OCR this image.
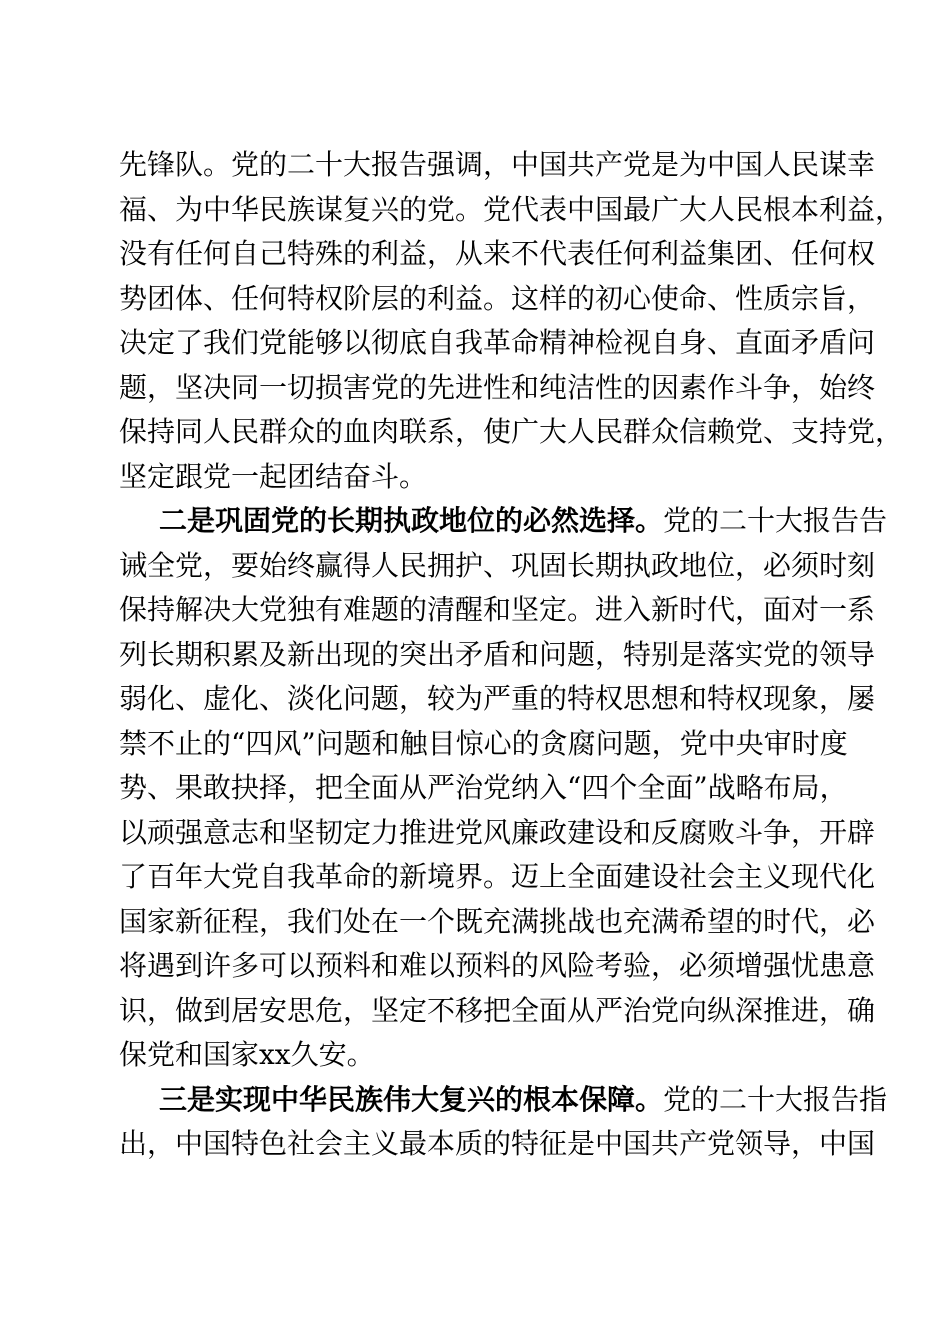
先锋队。党的二十大报告强调，中国共产党是为中国人民谋幸
福、为中华民族谋复兴的党。党代表中国最广大人民根本利益，
没有任何自己特殊的利益，从来不代表任何利益集团、任何权
势团体、任何特权阶层的利益。这样的初心使命、性质宗旨，
决定了我们党能够以彻底自我革命精神检视自身、直面矛盾问
题，坚决同一切损害党的先进性和纯洁性的因素作斗争，始终
保持同人民群众的血肉联系，使广大人民群众信赖党、支持党，
坚定跟党一起团结奋斗。
二是巩固党的长期执政地位的必然选择。党的二十大报告告
诫全党，要始终赢得人民拥护、巩固长期执政地位，必须时刻
保持解决大党独有难题的清醒和坚定。进入新时代，面对一系
列长期积累及新出现的突出矛盾和问题，特别是落实党的领导
弱化、虚化、淡化问题，较为严重的特权思想和特权现象，屡
禁不止的“四风”问题和触目惊心的贪腐问题，党中央审时度
势、果敢抉择，把全面从严治党纳入“四个全面”战略布局，
以顽强意志和坚韧定力推进党风廉政建设和反腐败斗争，开辟
了百年大党自我革命的新境界。迈上全面建设社会主义现代化
国家新征程，我们处在一个既充满挑战也充满希望的时代，必
将遇到许多可以预料和难以预料的风险考验，必须增强忧患意
识，做到居安思危，坚定不移把全面从严治党向纵深推进，确
保党和国家xx久安。
三是实现中华民族伟大复兴的根本保障。党的二十大报告指
出，中国特色社会主义最本质的特征是中国共产党领导，中国
